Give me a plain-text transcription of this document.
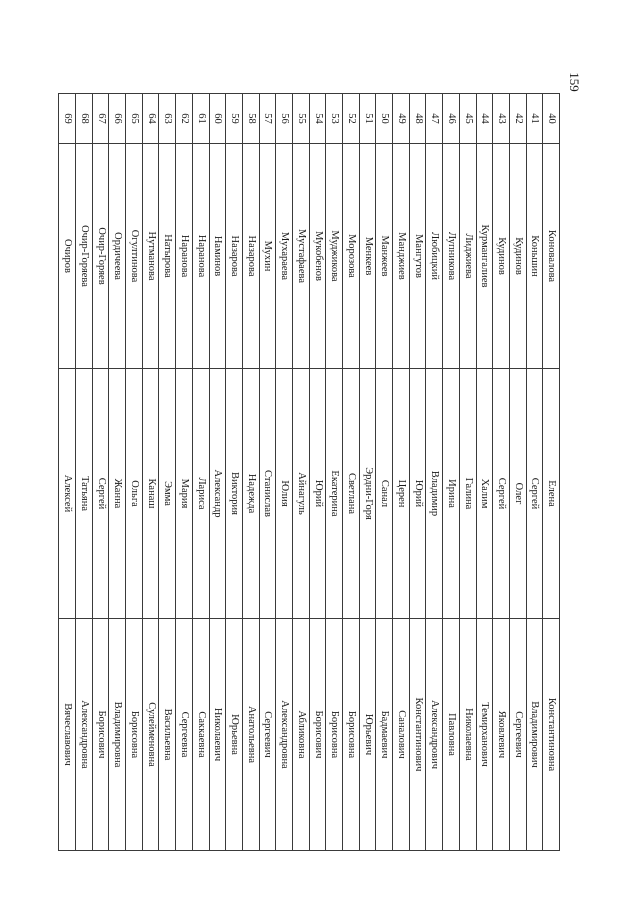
159
40	Коновалова	Елена	Константиновна
41	Коньшин	Сергей	Владимирович
42	Кудинов	Олег	Сергеевич
43	Кудинов	Сергей	Яковлевич
44	Курмангалиев	Халим	Темирханович
45	Лиджиева	Галина	Николаевна
46	Лупникова	Ирина	Павловна
47	Любицкий	Владимир	Александрович
48	Мангутов	Юрий	Константинович
49	Манджиев	Церен	Саналович
50	Манжеев	Санал	Бадмаевич
51	Менкеев	Эрдни-Горя	Юрьевич
52	Морозова	Светлана	Борисовна
53	Муджикова	Екатерина	Борисовна
54	Мукобенов	Юрий	Борисович
55	Мустафаева	Айнагуль	Абликовна
56	Мухараева	Юлия	Александровна
57	Мухин	Станислав	Сергеевич
58	Назарова	Надежда	Анатольевна
59	Назарова	Виктория	Юрьевна
60	Наминов	Александр	Николаевич
61	Наранова	Лариса	Саккаевна
62	Наранова	Мария	Сергеевна
63	Натырова	Эмма	Васильевна
64	Нутманова	Канаш	Сулейменовна
65	Огултинова	Ольга	Борисовна
66	Ордичеева	Жанна	Владимировна
67	Очир-Горяев	Сергей	Борисович
68	Очир-Горяева	Татьяна	Александровна
69	Очиров	Алексей	Вячеславович
